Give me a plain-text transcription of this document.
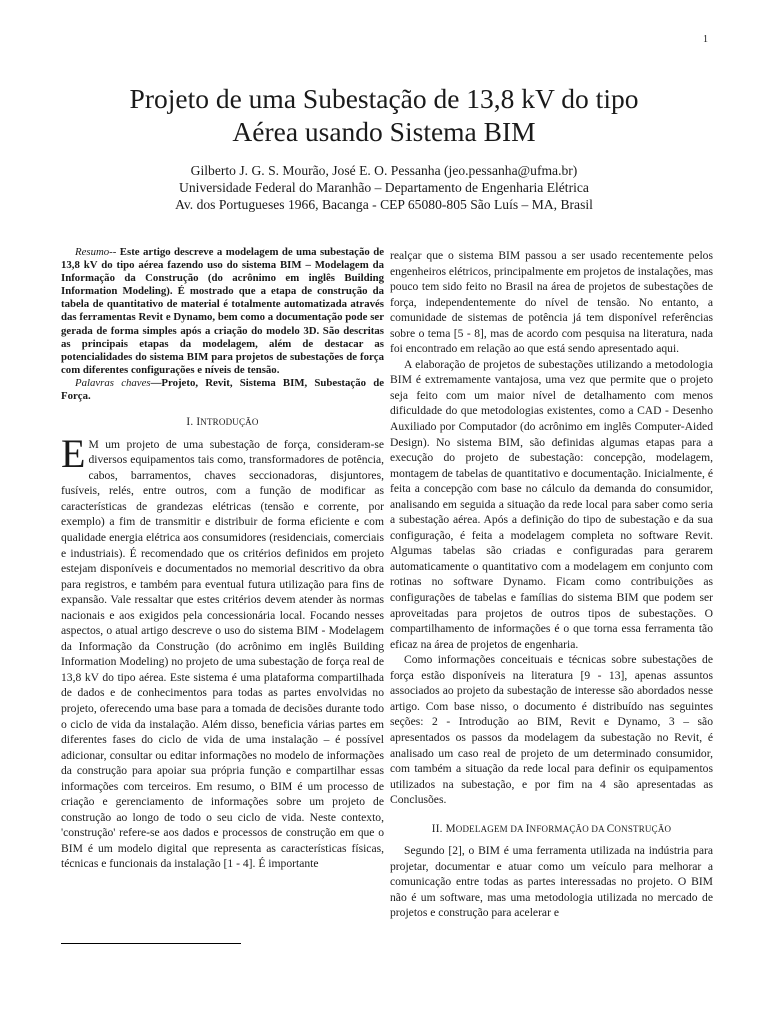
1
Projeto de uma Subestação de 13,8 kV do tipo
Aérea usando Sistema BIM
Gilberto J. G. S. Mourão, José E. O. Pessanha (jeo.pessanha@ufma.br)
Universidade Federal do Maranhão – Departamento de Engenharia Elétrica
Av. dos Portugueses 1966, Bacanga - CEP 65080-805 São Luís – MA, Brasil

Resumo-- Este artigo descreve a modelagem de uma subestação de 13,8 kV do tipo aérea fazendo uso do sistema BIM – Modelagem da Informação da Construção (do acrônimo em inglês Building Information Modeling). É mostrado que a etapa de construção da tabela de quantitativo de material é totalmente automatizada através das ferramentas Revit e Dynamo, bem como a documentação pode ser gerada de forma simples após a criação do modelo 3D. São descritas as principais etapas da modelagem, além de destacar as potencialidades do sistema BIM para projetos de subestações de força com diferentes configurações e níveis de tensão.

Palavras chaves—Projeto, Revit, Sistema BIM, Subestação de Força.

I. INTRODUÇÃO

E M um projeto de uma subestação de força, consideram-se diversos equipamentos tais como, transformadores de potência, cabos, barramentos, chaves seccionadoras, disjuntores, fusíveis, relés, entre outros, com a função de modificar as características de grandezas elétricas (tensão e corrente, por exemplo) a fim de transmitir e distribuir de forma eficiente e com qualidade energia elétrica aos consumidores (residenciais, comerciais e industriais). É recomendado que os critérios definidos em projeto estejam disponíveis e documentados no memorial descritivo da obra para registros, e também para eventual futura utilização para fins de expansão. Vale ressaltar que estes critérios devem atender às normas nacionais e aos exigidos pela concessionária local. Focando nesses aspectos, o atual artigo descreve o uso do sistema BIM - Modelagem da Informação da Construção (do acrônimo em inglês Building Information Modeling) no projeto de uma subestação de força real de 13,8 kV do tipo aérea. Este sistema é uma plataforma compartilhada de dados e de conhecimentos para todas as partes envolvidas no projeto, oferecendo uma base para a tomada de decisões durante todo o ciclo de vida da instalação. Além disso, beneficia várias partes em diferentes fases do ciclo de vida de uma instalação – é possível adicionar, consultar ou editar informações no modelo de informações da construção para apoiar sua própria função e compartilhar essas informações com terceiros. Em resumo, o BIM é um processo de criação e gerenciamento de informações sobre um projeto de construção ao longo de todo o seu ciclo de vida. Neste contexto, 'construção' refere-se aos dados e processos de construção em que o BIM é um modelo digital que representa as características físicas, técnicas e funcionais da instalação [1 - 4]. É importante

realçar que o sistema BIM passou a ser usado recentemente pelos engenheiros elétricos, principalmente em projetos de instalações, mas pouco tem sido feito no Brasil na área de projetos de subestações de força, independentemente do nível de tensão. No entanto, a comunidade de sistemas de potência já tem disponível referências sobre o tema [5 - 8], mas de acordo com pesquisa na literatura, nada foi encontrado em relação ao que está sendo apresentado aqui.

A elaboração de projetos de subestações utilizando a metodologia BIM é extremamente vantajosa, uma vez que permite que o projeto seja feito com um maior nível de detalhamento com menos dificuldade do que metodologias existentes, como a CAD - Desenho Auxiliado por Computador (do acrônimo em inglês Computer-Aided Design). No sistema BIM, são definidas algumas etapas para a execução do projeto de subestação: concepção, modelagem, montagem de tabelas de quantitativo e documentação. Inicialmente, é feita a concepção com base no cálculo da demanda do consumidor, analisando em seguida a situação da rede local para saber como seria a subestação aérea. Após a definição do tipo de subestação e da sua configuração, é feita a modelagem completa no software Revit. Algumas tabelas são criadas e configuradas para gerarem automaticamente o quantitativo com a modelagem em conjunto com rotinas no software Dynamo. Ficam como contribuições as configurações de tabelas e famílias do sistema BIM que podem ser aproveitadas para projetos de outros tipos de subestações. O compartilhamento de informações é o que torna essa ferramenta tão eficaz na área de projetos de engenharia.

Como informações conceituais e técnicas sobre subestações de força estão disponíveis na literatura [9 - 13], apenas assuntos associados ao projeto da subestação de interesse são abordados nesse artigo. Com base nisso, o documento é distribuído nas seguintes seções: 2 - Introdução ao BIM, Revit e Dynamo, 3 – são apresentados os passos da modelagem da subestação no Revit, é analisado um caso real de projeto de um determinado consumidor, com também a situação da rede local para definir os equipamentos utilizados na subestação, e por fim na 4 são apresentadas as Conclusões.

II. MODELAGEM DA INFORMAÇÃO DA CONSTRUÇÃO

Segundo [2], o BIM é uma ferramenta utilizada na indústria para projetar, documentar e atuar como um veículo para melhorar a comunicação entre todas as partes interessadas no projeto. O BIM não é um software, mas uma metodologia utilizada no mercado de projetos e construção para acelerar e
